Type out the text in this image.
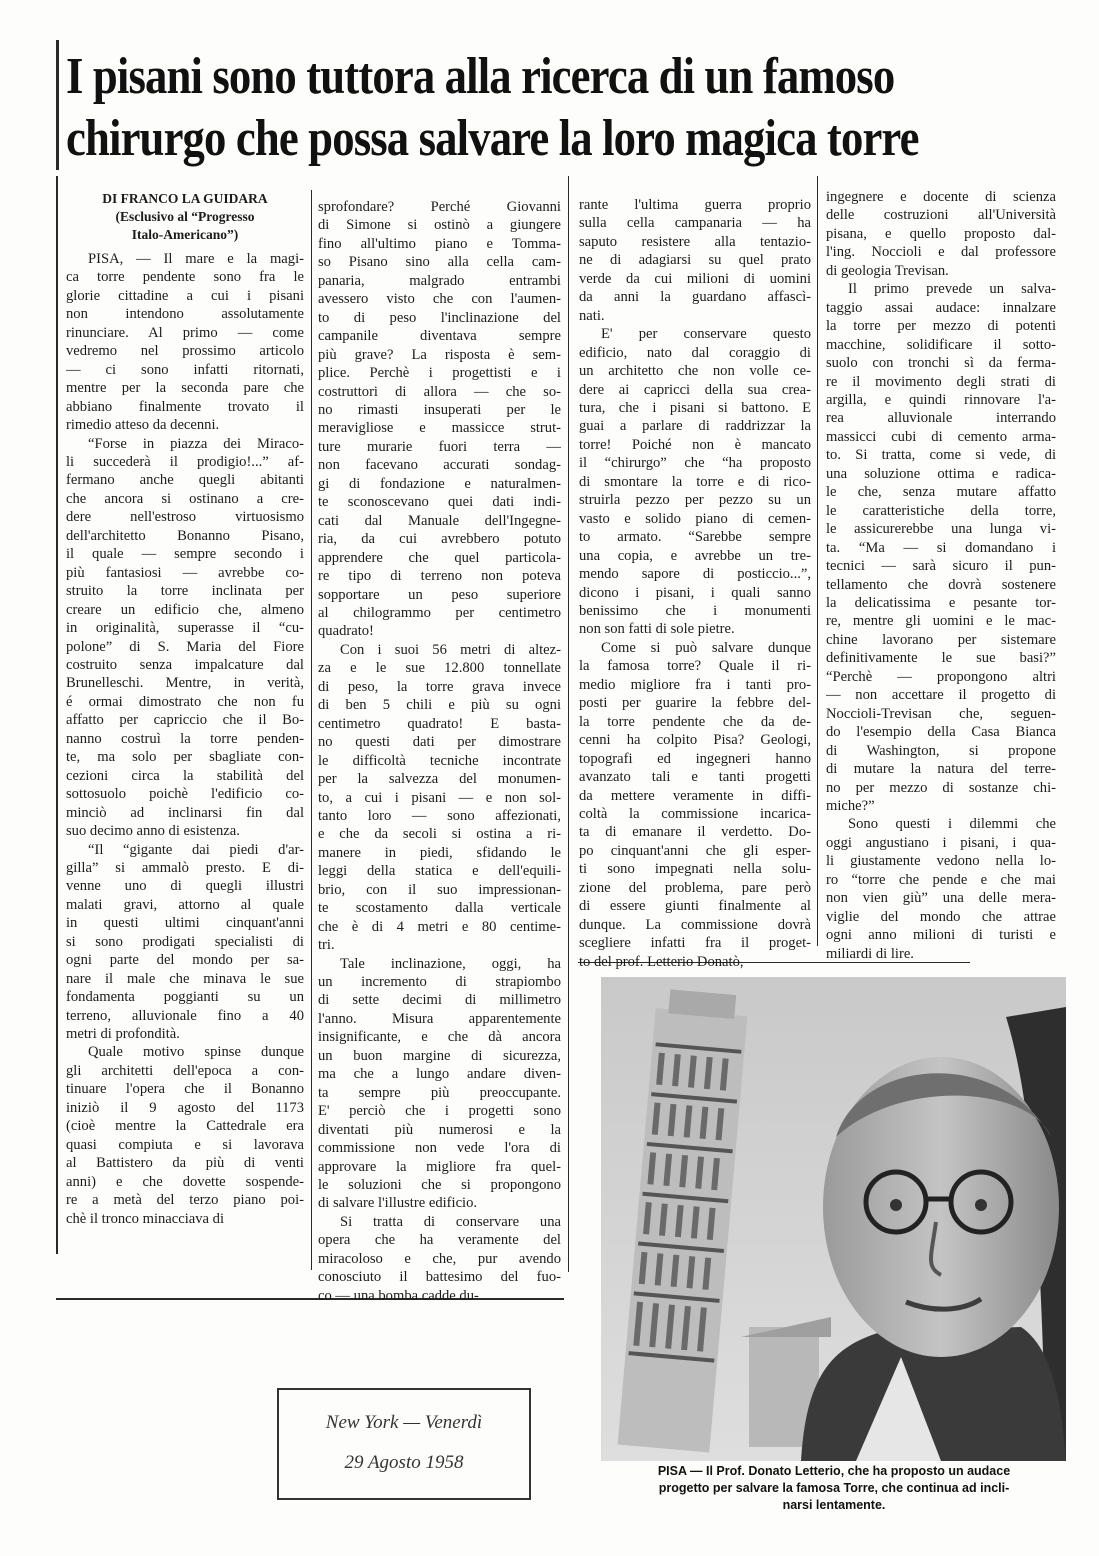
I pisani sono tuttora alla ricerca di un famoso
chirurgo che possa salvare la loro magica torre
DI FRANCO LA GUIDARA
(Esclusivo al “Progresso
Italo-Americano”)

PISA, — Il mare e la magi-
ca torre pendente sono fra le
glorie cittadine a cui i pisani
non intendono assolutamente
rinunciare. Al primo — come
vedremo nel prossimo articolo
— ci sono infatti ritornati,
mentre per la seconda pare che
abbiano finalmente trovato il
rimedio atteso da decenni.

“Forse in piazza dei Miraco-
li succederà il prodigio!...” af-
fermano anche quegli abitanti
che ancora si ostinano a cre-
dere nell'estroso virtuosismo
dell'architetto Bonanno Pisano,
il quale — sempre secondo i
più fantasiosi — avrebbe co-
struito la torre inclinata per
creare un edificio che, almeno
in originalità, superasse il “cu-
polone” di S. Maria del Fiore
costruito senza impalcature dal
Brunelleschi. Mentre, in verità,
é ormai dimostrato che non fu
affatto per capriccio che il Bo-
nanno costruì la torre penden-
te, ma solo per sbagliate con-
cezioni circa la stabilità del
sottosuolo poichè l'edificio co-
minciò ad inclinarsi fin dal
suo decimo anno di esistenza.

“Il “gigante dai piedi d'ar-
gilla” si ammalò presto. E di-
venne uno di quegli illustri
malati gravi, attorno al quale
in questi ultimi cinquant'anni
si sono prodigati specialisti di
ogni parte del mondo per sa-
nare il male che minava le sue
fondamenta poggianti su un
terreno, alluvionale fino a 40
metri di profondità.

Quale motivo spinse dunque
gli architetti dell'epoca a con-
tinuare l'opera che il Bonanno
iniziò il 9 agosto del 1173
(cioè mentre la Cattedrale era
quasi compiuta e si lavorava
al Battistero da più di venti
anni) e che dovette sospende-
re a metà del terzo piano poi-
chè il tronco minacciava di

sprofondare? Perché Giovanni
di Simone si ostinò a giungere
fino all'ultimo piano e Tomma-
so Pisano sino alla cella cam-
panaria, malgrado entrambi
avessero visto che con l'aumen-
to di peso l'inclinazione del
campanile diventava sempre
più grave? La risposta è sem-
plice. Perchè i progettisti e i
costruttori di allora — che so-
no rimasti insuperati per le
meravigliose e massicce strut-
ture murarie fuori terra —
non facevano accurati sondag-
gi di fondazione e naturalmen-
te sconoscevano quei dati indi-
cati dal Manuale dell'Ingegne-
ria, da cui avrebbero potuto
apprendere che quel particola-
re tipo di terreno non poteva
sopportare un peso superiore
al chilogrammo per centimetro
quadrato!

Con i suoi 56 metri di altez-
za e le sue 12.800 tonnellate
di peso, la torre grava invece
di ben 5 chili e più su ogni
centimetro quadrato! E basta-
no questi dati per dimostrare
le difficoltà tecniche incontrate
per la salvezza del monumen-
to, a cui i pisani — e non sol-
tanto loro — sono affezionati,
e che da secoli si ostina a ri-
manere in piedi, sfidando le
leggi della statica e dell'equili-
brio, con il suo impressionan-
te scostamento dalla verticale
che è di 4 metri e 80 centime-
tri.

Tale inclinazione, oggi, ha
un incremento di strapiombo
di sette decimi di millimetro
l'anno. Misura apparentemente
insignificante, e che dà ancora
un buon margine di sicurezza,
ma che a lungo andare diven-
ta sempre più preoccupante.
E' perciò che i progetti sono
diventati più numerosi e la
commissione non vede l'ora di
approvare la migliore fra quel-
le soluzioni che si propongono
di salvare l'illustre edificio.

Si tratta di conservare una
opera che ha veramente del
miracoloso e che, pur avendo
conosciuto il battesimo del fuo-
co — una bomba cadde du-

rante l'ultima guerra proprio
sulla cella campanaria — ha
saputo resistere alla tentazio-
ne di adagiarsi su quel prato
verde da cui milioni di uomini
da anni la guardano affascì-
nati.

E' per conservare questo
edificio, nato dal coraggio di
un architetto che non volle ce-
dere ai capricci della sua crea-
tura, che i pisani si battono. E
guai a parlare di raddrizzar la
torre! Poiché non è mancato
il “chirurgo” che “ha proposto
di smontare la torre e di rico-
struirla pezzo per pezzo su un
vasto e solido piano di cemen-
to armato. “Sarebbe sempre
una copia, e avrebbe un tre-
mendo sapore di posticcio...”,
dicono i pisani, i quali sanno
benissimo che i monumenti
non son fatti di sole pietre.

Come si può salvare dunque
la famosa torre? Quale il ri-
medio migliore fra i tanti pro-
posti per guarire la febbre del-
la torre pendente che da de-
cenni ha colpito Pisa? Geologi,
topografi ed ingegneri hanno
avanzato tali e tanti progetti
da mettere veramente in diffi-
coltà la commissione incarica-
ta di emanare il verdetto. Do-
po cinquant'anni che gli esper-
ti sono impegnati nella solu-
zione del problema, pare però
di essere giunti finalmente al
dunque. La commissione dovrà
scegliere infatti fra il proget-
to del prof. Letterio Donatò,

ingegnere e docente di scienza
delle costruzioni all'Università
pisana, e quello proposto dal-
l'ing. Noccioli e dal professore
di geologia Trevisan.

Il primo prevede un salva-
taggio assai audace: innalzare
la torre per mezzo di potenti
macchine, solidificare il sotto-
suolo con tronchi sì da ferma-
re il movimento degli strati di
argilla, e quindi rinnovare l'a-
rea alluvionale interrando
massicci cubi di cemento arma-
to. Si tratta, come si vede, di
una soluzione ottima e radica-
le che, senza mutare affatto
le caratteristiche della torre,
le assicurerebbe una lunga vi-
ta. “Ma — si domandano i
tecnici — sarà sicuro il pun-
tellamento che dovrà sostenere
la delicatissima e pesante tor-
re, mentre gli uomini e le mac-
chine lavorano per sistemare
definitivamente le sue basi?”
“Perchè — propongono altri
— non accettare il progetto di
Noccioli-Trevisan che, seguen-
do l'esempio della Casa Bianca
di Washington, si propone
di mutare la natura del terre-
no per mezzo di sostanze chi-
miche?”

Sono questi i dilemmi che
oggi angustiano i pisani, i qua-
li giustamente vedono nella lo-
ro “torre che pende e che mai
non vien giù” una delle mera-
viglie del mondo che attrae
ogni anno milioni di turisti e
miliardi di lire.

PISA — Il Prof. Donato Letterio, che ha proposto un audace
progetto per salvare la famosa Torre, che continua ad incli-
narsi lentamente.
New York — Venerdì
29 Agosto 1958
